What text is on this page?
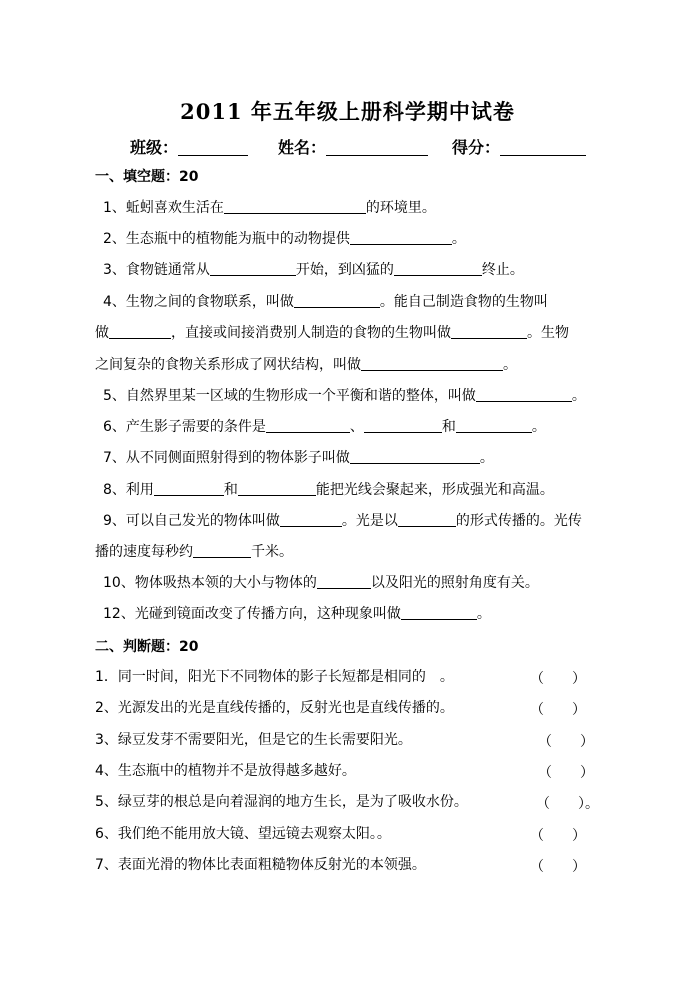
2011 年五年级上册科学期中试卷
班级：	姓名：	得分：
一、填空题：20
1、蚯蚓喜欢生活在	的环境里。
2、生态瓶中的植物能为瓶中的动物提供	。
3、食物链通常从	开始，到凶猛的	终止。
4、生物之间的食物联系，叫做	。能自己制造食物的生物叫
做	，直接或间接消费别人制造的食物的生物叫做	。生物
之间复杂的食物关系形成了网状结构，叫做	。
5、自然界里某一区域的生物形成一个平衡和谐的整体，叫做	。
6、产生影子需要的条件是	、	和	。
7、从不同侧面照射得到的物体影子叫做	。
8、利用	和	能把光线会聚起来，形成强光和高温。
9、可以自己发光的物体叫做	。光是以	的形式传播的。光传
播的速度每秒约	千米。
10、物体吸热本领的大小与物体的	以及阳光的照射角度有关。
12、光碰到镜面改变了传播方向，这种现象叫做	。
二、判断题：20
1．同一时间，阳光下不同物体的影子长短都是相同的　。	（　　）
2、光源发出的光是直线传播的，反射光也是直线传播的。	（　　）
3、绿豆发芽不需要阳光，但是它的生长需要阳光。	（　　）
4、生态瓶中的植物并不是放得越多越好。	（　　）
5、绿豆芽的根总是向着湿润的地方生长，是为了吸收水份。	（　　）。
6、我们绝不能用放大镜、望远镜去观察太阳。。	（　　）
7、表面光滑的物体比表面粗糙物体反射光的本领强。	（　　）
